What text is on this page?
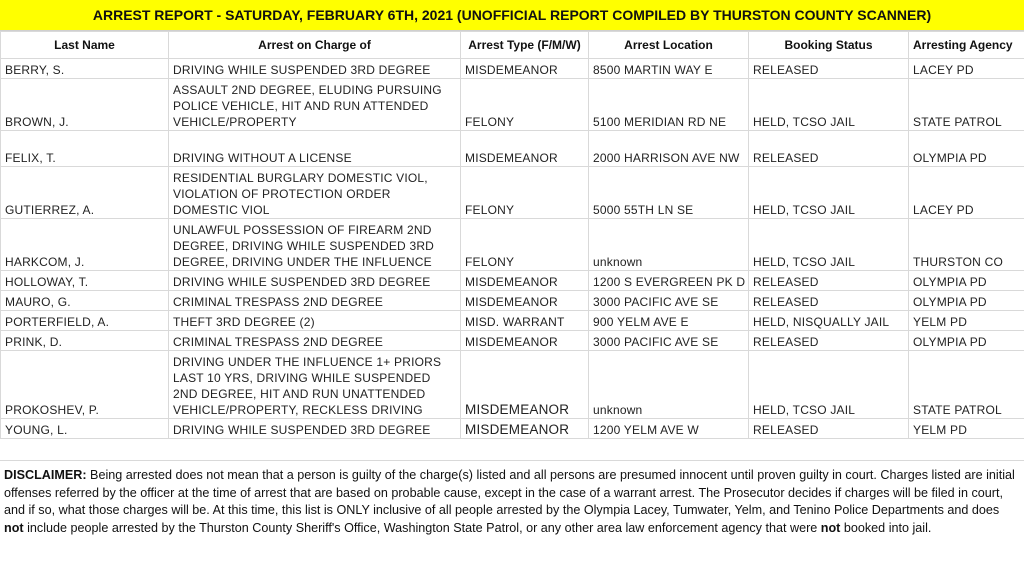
ARREST REPORT - SATURDAY, FEBRUARY 6TH, 2021 (UNOFFICIAL REPORT COMPILED BY THURSTON COUNTY SCANNER)
Last Name	Arrest on Charge of	Arrest Type (F/M/W)	Arrest Location	Booking Status	Arresting Agency
BERRY, S.	DRIVING WHILE SUSPENDED 3RD DEGREE	MISDEMEANOR	8500 MARTIN WAY E	RELEASED	LACEY PD
BROWN, J.	ASSAULT 2ND DEGREE, ELUDING PURSUING POLICE VEHICLE, HIT AND RUN ATTENDED VEHICLE/PROPERTY	FELONY	5100 MERIDIAN RD NE	HELD, TCSO JAIL	STATE PATROL
FELIX, T.	DRIVING WITHOUT A LICENSE	MISDEMEANOR	2000 HARRISON AVE NW	RELEASED	OLYMPIA PD
GUTIERREZ, A.	RESIDENTIAL BURGLARY DOMESTIC VIOL, VIOLATION OF PROTECTION ORDER DOMESTIC VIOL	FELONY	5000 55TH LN SE	HELD, TCSO JAIL	LACEY PD
HARKCOM, J.	UNLAWFUL POSSESSION OF FIREARM 2ND DEGREE, DRIVING WHILE SUSPENDED 3RD DEGREE, DRIVING UNDER THE INFLUENCE	FELONY	unknown	HELD, TCSO JAIL	THURSTON CO
HOLLOWAY, T.	DRIVING WHILE SUSPENDED 3RD DEGREE	MISDEMEANOR	1200 S EVERGREEN PK D	RELEASED	OLYMPIA PD
MAURO, G.	CRIMINAL TRESPASS 2ND DEGREE	MISDEMEANOR	3000 PACIFIC AVE SE	RELEASED	OLYMPIA PD
PORTERFIELD, A.	THEFT 3RD DEGREE (2)	MISD. WARRANT	900 YELM AVE E	HELD, NISQUALLY JAIL	YELM PD
PRINK, D.	CRIMINAL TRESPASS 2ND DEGREE	MISDEMEANOR	3000 PACIFIC AVE SE	RELEASED	OLYMPIA PD
PROKOSHEV, P.	DRIVING UNDER THE INFLUENCE 1+ PRIORS LAST 10 YRS, DRIVING WHILE SUSPENDED 2ND DEGREE, HIT AND RUN UNATTENDED VEHICLE/PROPERTY, RECKLESS DRIVING	MISDEMEANOR	unknown	HELD, TCSO JAIL	STATE PATROL
YOUNG, L.	DRIVING WHILE SUSPENDED 3RD DEGREE	MISDEMEANOR	1200 YELM AVE W	RELEASED	YELM PD
DISCLAIMER: Being arrested does not mean that a person is guilty of the charge(s) listed and all persons are presumed innocent until proven guilty in court. Charges listed are initial offenses referred by the officer at the time of arrest that are based on probable cause, except in the case of a warrant arrest. The Prosecutor decides if charges will be filed in court, and if so, what those charges will be. At this time, this list is ONLY inclusive of all people arrested by the Olympia Lacey, Tumwater, Yelm, and Tenino Police Departments and does not include people arrested by the Thurston County Sheriff's Office, Washington State Patrol, or any other area law enforcement agency that were not booked into jail.
